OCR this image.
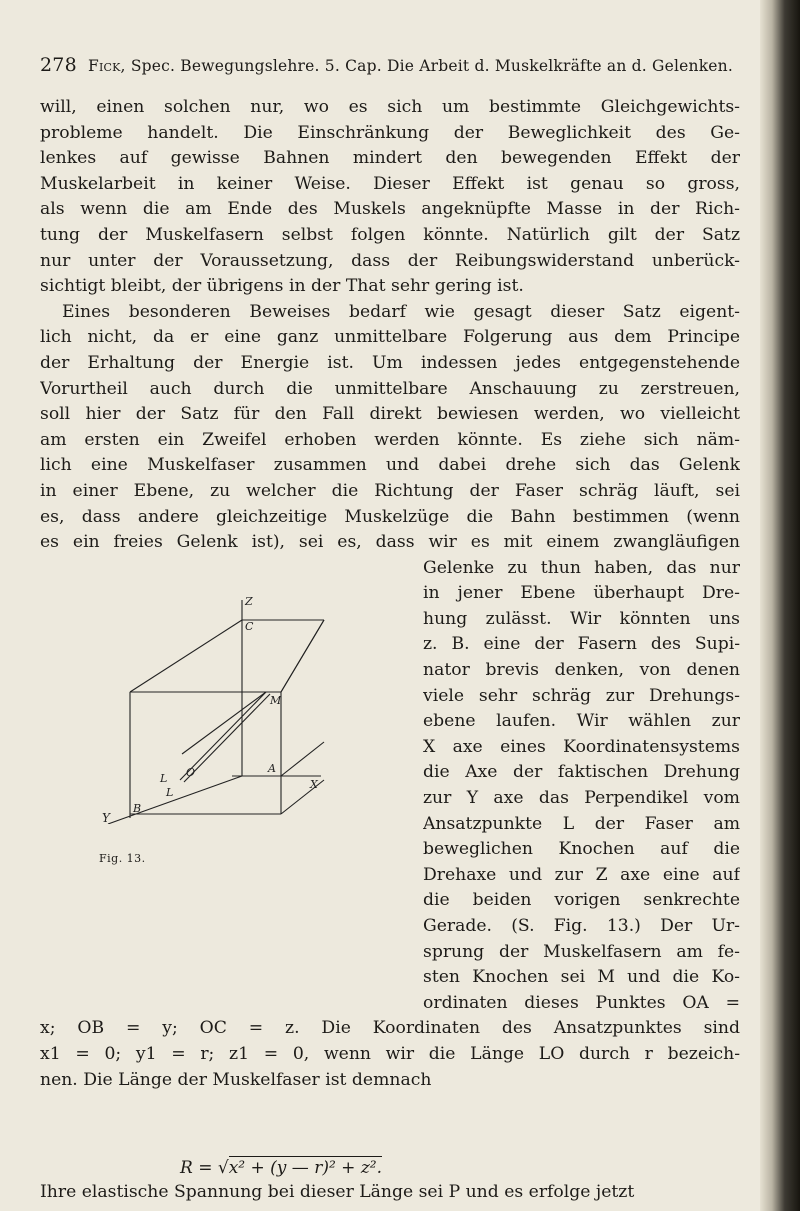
278 Fick, Spec. Bewegungslehre. 5. Cap. Die Arbeit d. Muskelkräfte an d. Gelenken.
will, einen solchen nur, wo es sich um bestimmte Gleichgewichts-
probleme handelt. Die Einschränkung der Beweglichkeit des Ge-
lenkes auf gewisse Bahnen mindert den bewegenden Effekt der
Muskelarbeit in keiner Weise. Dieser Effekt ist genau so gross,
als wenn die am Ende des Muskels angeknüpfte Masse in der Rich-
tung der Muskelfasern selbst folgen könnte. Natürlich gilt der Satz
nur unter der Voraussetzung, dass der Reibungswiderstand unberück-
sichtigt bleibt, der übrigens in der That sehr gering ist.
Eines besonderen Beweises bedarf wie gesagt dieser Satz eigent-
lich nicht, da er eine ganz unmittelbare Folgerung aus dem Principe
der Erhaltung der Energie ist. Um indessen jedes entgegenstehende
Vorurtheil auch durch die unmittelbare Anschauung zu zerstreuen,
soll hier der Satz für den Fall direkt bewiesen werden, wo vielleicht
am ersten ein Zweifel erhoben werden könnte. Es ziehe sich näm-
lich eine Muskelfaser zusammen und dabei drehe sich das Gelenk
in einer Ebene, zu welcher die Richtung der Faser schräg läuft, sei
es, dass andere gleichzeitige Muskelzüge die Bahn bestimmen (wenn
es ein freies Gelenk ist), sei es, dass wir es mit einem zwangläufigen
Gelenke zu thun haben, das nur
in jener Ebene überhaupt Dre-
hung zulässt. Wir könnten uns
z. B. eine der Fasern des Supi-
nator brevis denken, von denen
viele sehr schräg zur Drehungs-
ebene laufen. Wir wählen zur
X axe eines Koordinatensystems
die Axe der faktischen Drehung
zur Y axe das Perpendikel vom
Ansatzpunkte L der Faser am
beweglichen Knochen auf die
Drehaxe und zur Z axe eine auf
die beiden vorigen senkrechte
Gerade. (S. Fig. 13.) Der Ur-
sprung der Muskelfasern am fe-
sten Knochen sei M und die Ko-
ordinaten dieses Punktes OA =
x; OB = y; OC = z. Die Koordinaten des Ansatzpunktes sind
x1 = 0; y1 = r; z1 = 0, wenn wir die Länge LO durch r bezeich-
nen. Die Länge der Muskelfaser ist demnach
Z
C
M
A
X
O
L
L
B
Y
Fig. 13.
R = √x² + (y — r)² + z².
Ihre elastische Spannung bei dieser Länge sei P und es erfolge jetzt
